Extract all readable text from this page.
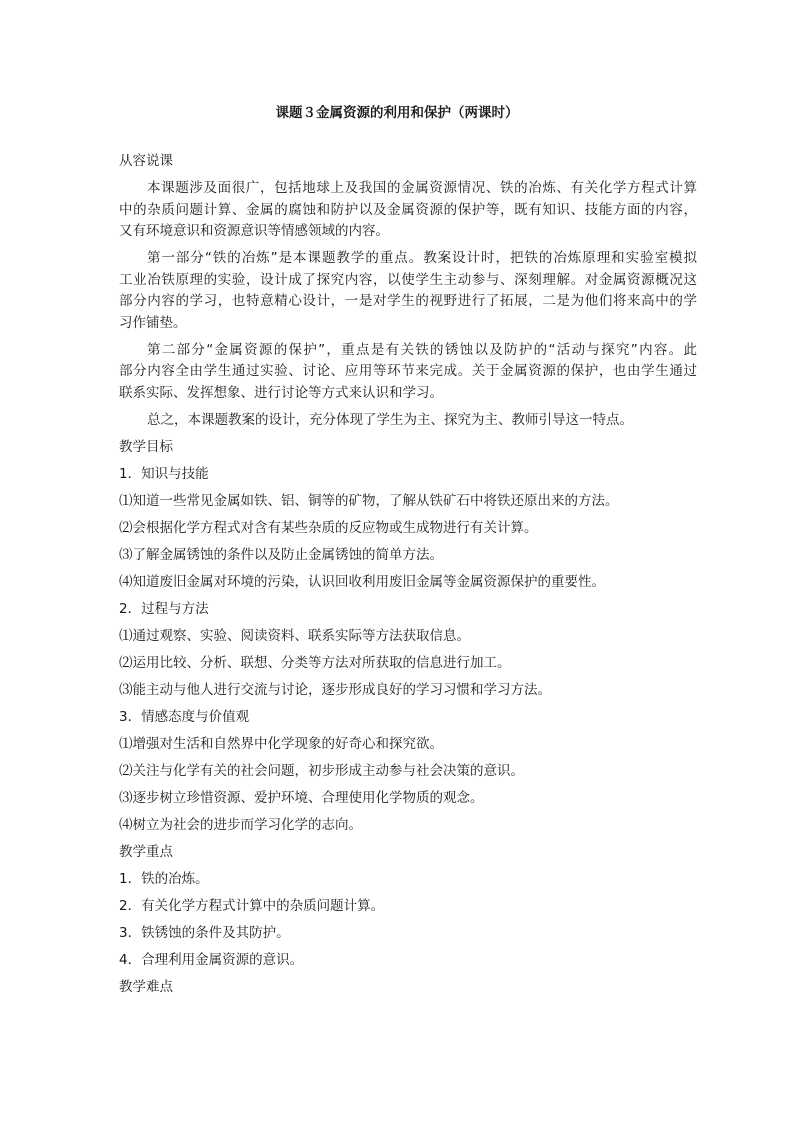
课题３金属资源的利用和保护（两课时）
从容说课
本课题涉及面很广，包括地球上及我国的金属资源情况、铁的冶炼、有关化学方程式计算
中的杂质问题计算、金属的腐蚀和防护以及金属资源的保护等，既有知识、技能方面的内容，
又有环境意识和资源意识等情感领域的内容。
第一部分“铁的冶炼”是本课题教学的重点。教案设计时，把铁的冶炼原理和实验室模拟
工业冶铁原理的实验，设计成了探究内容，以使学生主动参与、深刻理解。对金属资源概况这
部分内容的学习，也特意精心设计，一是对学生的视野进行了拓展，二是为他们将来高中的学
习作铺垫。
第二部分“金属资源的保护”，重点是有关铁的锈蚀以及防护的“活动与探究”内容。此
部分内容全由学生通过实验、讨论、应用等环节来完成。关于金属资源的保护，也由学生通过
联系实际、发挥想象、进行讨论等方式来认识和学习。
总之，本课题教案的设计，充分体现了学生为主、探究为主、教师引导这一特点。
教学目标
1．知识与技能
⑴知道一些常见金属如铁、铝、铜等的矿物，了解从铁矿石中将铁还原出来的方法。
⑵会根据化学方程式对含有某些杂质的反应物或生成物进行有关计算。
⑶了解金属锈蚀的条件以及防止金属锈蚀的简单方法。
⑷知道废旧金属对环境的污染，认识回收利用废旧金属等金属资源保护的重要性。
2．过程与方法
⑴通过观察、实验、阅读资料、联系实际等方法获取信息。
⑵运用比较、分析、联想、分类等方法对所获取的信息进行加工。
⑶能主动与他人进行交流与讨论，逐步形成良好的学习习惯和学习方法。
3．情感态度与价值观
⑴增强对生活和自然界中化学现象的好奇心和探究欲。
⑵关注与化学有关的社会问题，初步形成主动参与社会决策的意识。
⑶逐步树立珍惜资源、爱护环境、合理使用化学物质的观念。
⑷树立为社会的进步而学习化学的志向。
教学重点
1．铁的冶炼。
2．有关化学方程式计算中的杂质问题计算。
3．铁锈蚀的条件及其防护。
4．合理利用金属资源的意识。
教学难点
